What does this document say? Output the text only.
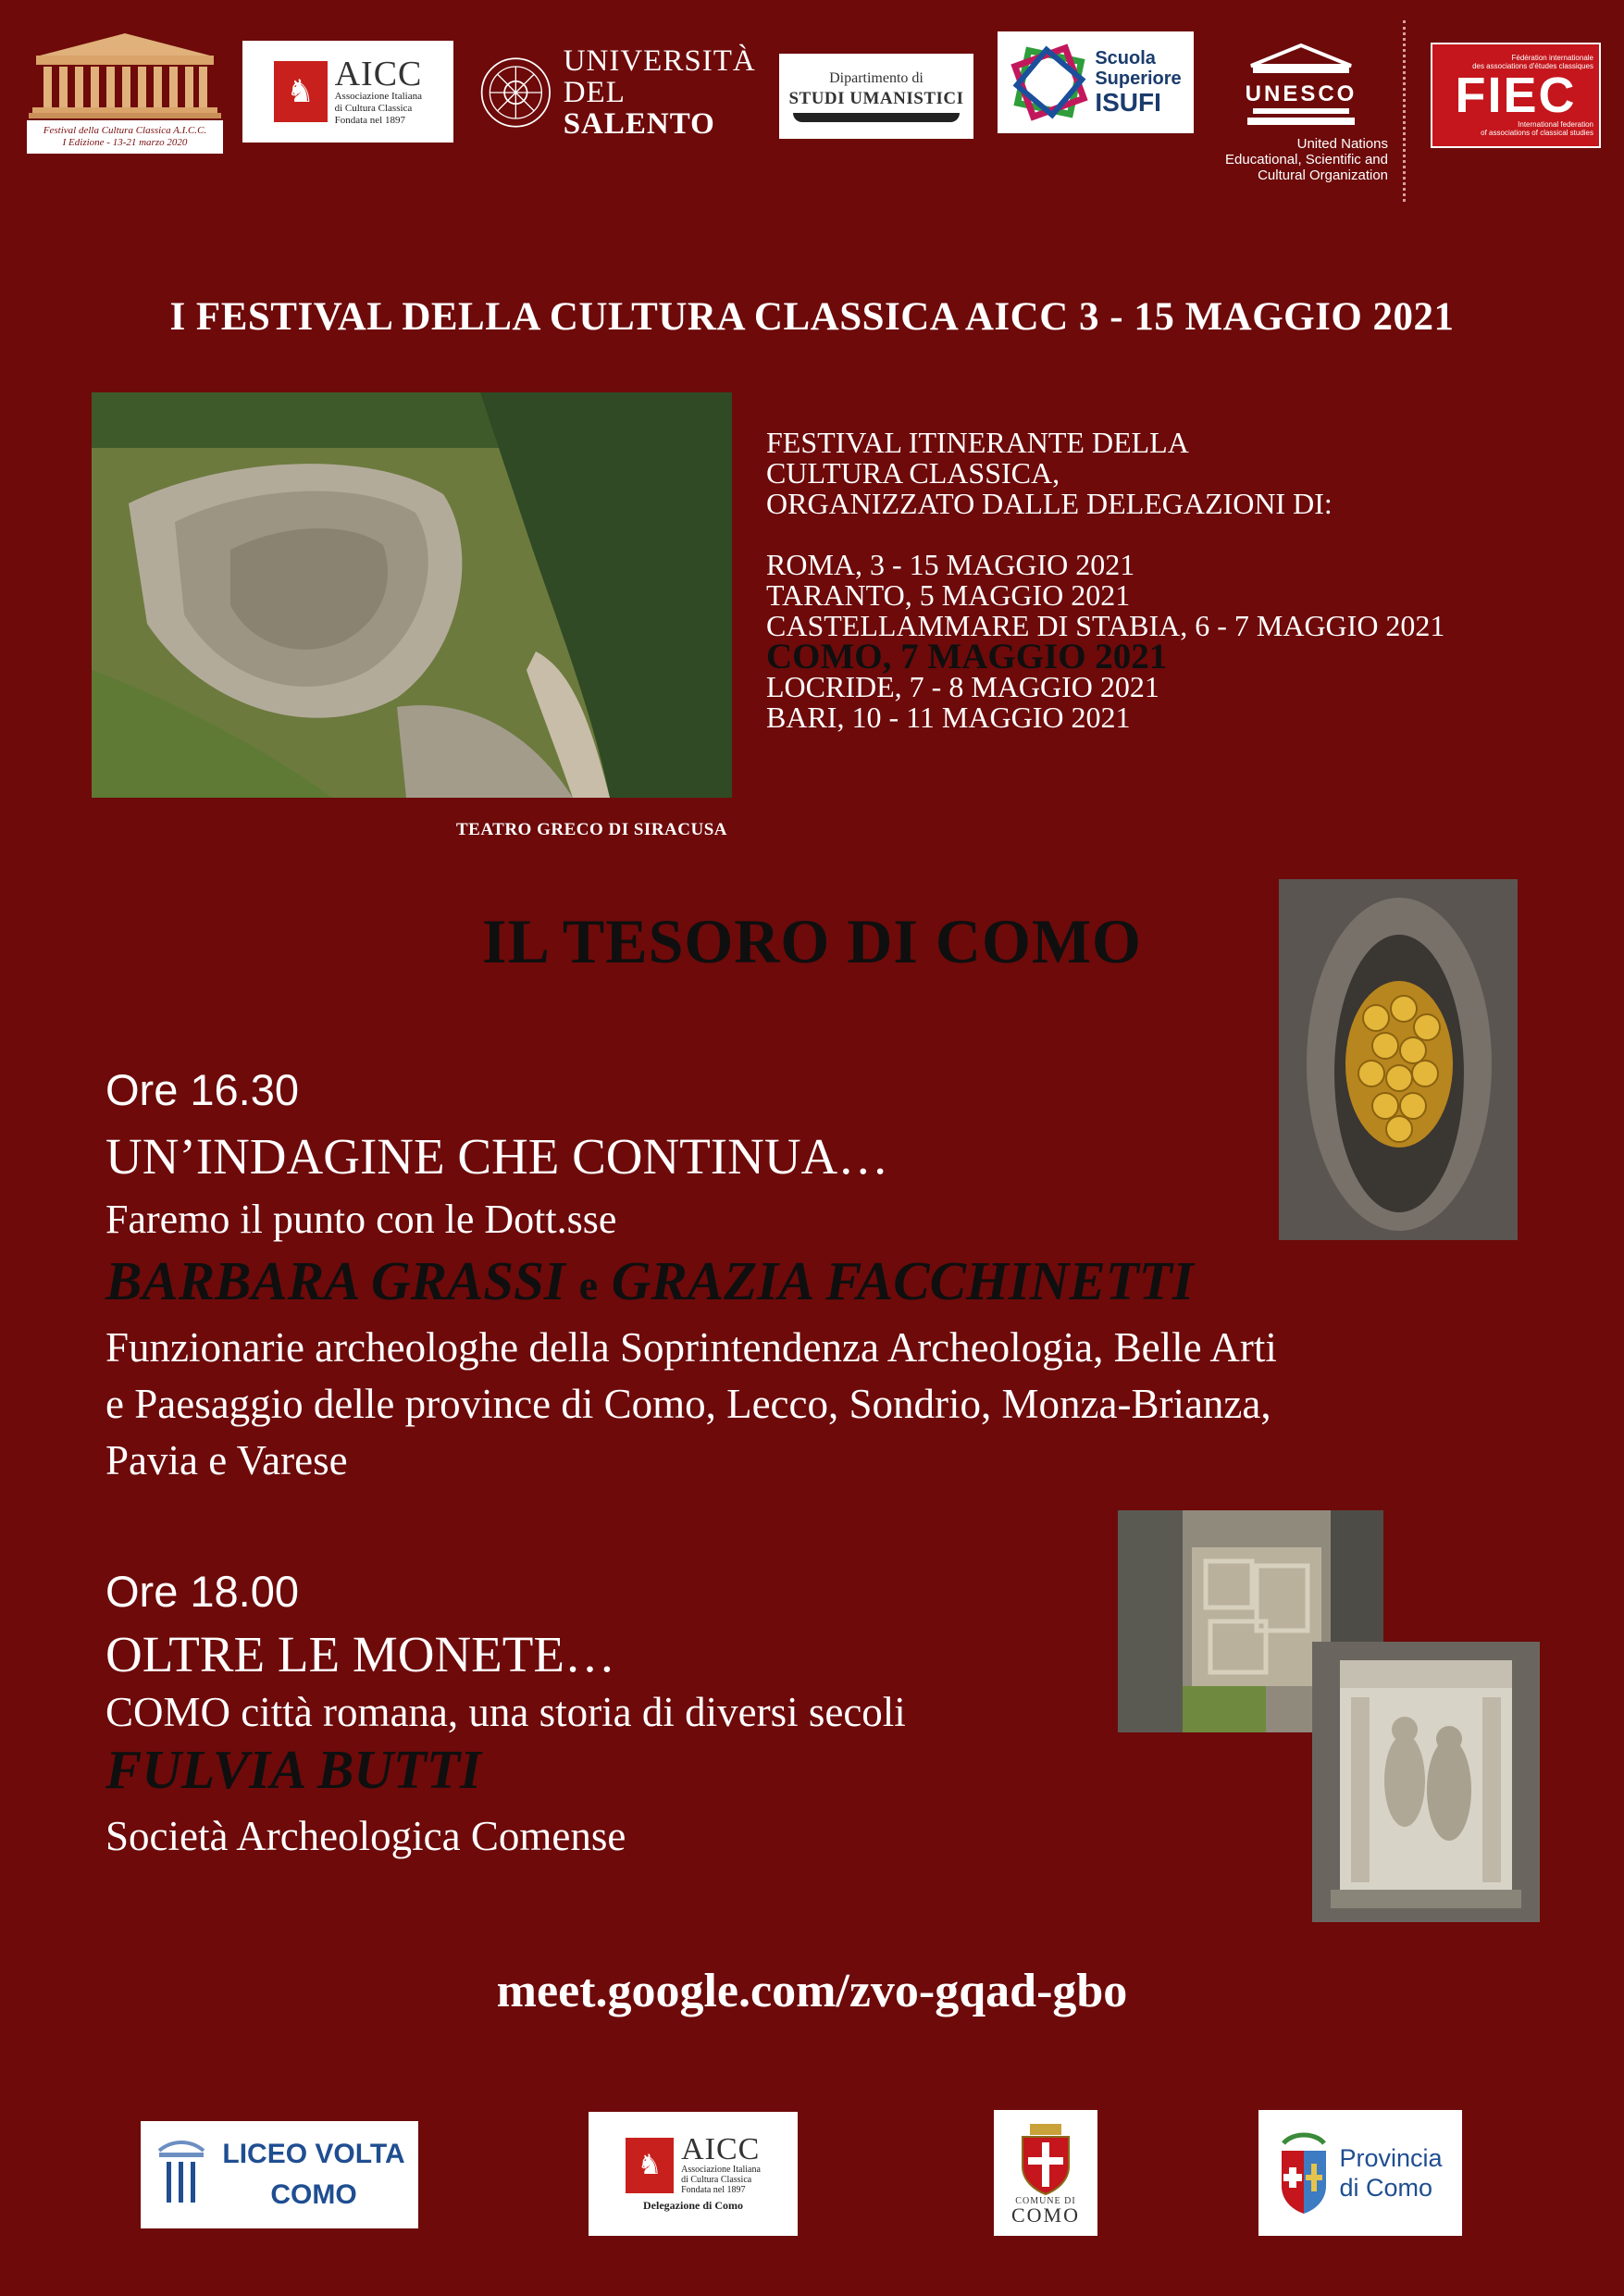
Festival della Cultura Classica A.I.C.C.
I Edizione - 13-21 marzo 2020
♞ AICC
Associazione Italiana
di Cultura Classica
Fondata nel 1897
UNIVERSITÀ
DEL SALENTO
Dipartimento di
STUDI UMANISTICI
Scuola
Superiore
ISUFI	UNESCO
United Nations
Educational, Scientific and
Cultural Organization
Fédération internationale
des associations d'études classiques
FIEC
International federation
of associations of classical studies
I FESTIVAL DELLA CULTURA CLASSICA AICC 3 - 15 MAGGIO 2021
TEATRO GRECO DI SIRACUSA
FESTIVAL ITINERANTE DELLA
CULTURA CLASSICA,
ORGANIZZATO DALLE DELEGAZIONI DI:
ROMA, 3 - 15 MAGGIO 2021
TARANTO, 5 MAGGIO 2021
CASTELLAMMARE DI STABIA, 6 - 7 MAGGIO 2021
COMO, 7 MAGGIO 2021
LOCRIDE, 7 - 8 MAGGIO 2021
BARI, 10 - 11 MAGGIO 2021
IL TESORO DI COMO
Ore 16.30
UN’INDAGINE CHE CONTINUA…
Faremo il punto con le Dott.sse
BARBARA GRASSI e GRAZIA FACCHINETTI
Funzionarie archeologhe della Soprintendenza Archeologia, Belle Arti
e Paesaggio delle province di Como, Lecco, Sondrio, Monza-Brianza,
Pavia e Varese
Ore 18.00
OLTRE LE MONETE…
COMO città romana, una storia di diversi secoli
FULVIA BUTTI
Società Archeologica Comense
meet.google.com/zvo-gqad-gbo
LICEO VOLTA
COMO
♞ AICC
Associazione Italiana
di Cultura Classica
Fondata nel 1897
Delegazione di Como	COMUNE DI
COMO
Provincia
di Como
